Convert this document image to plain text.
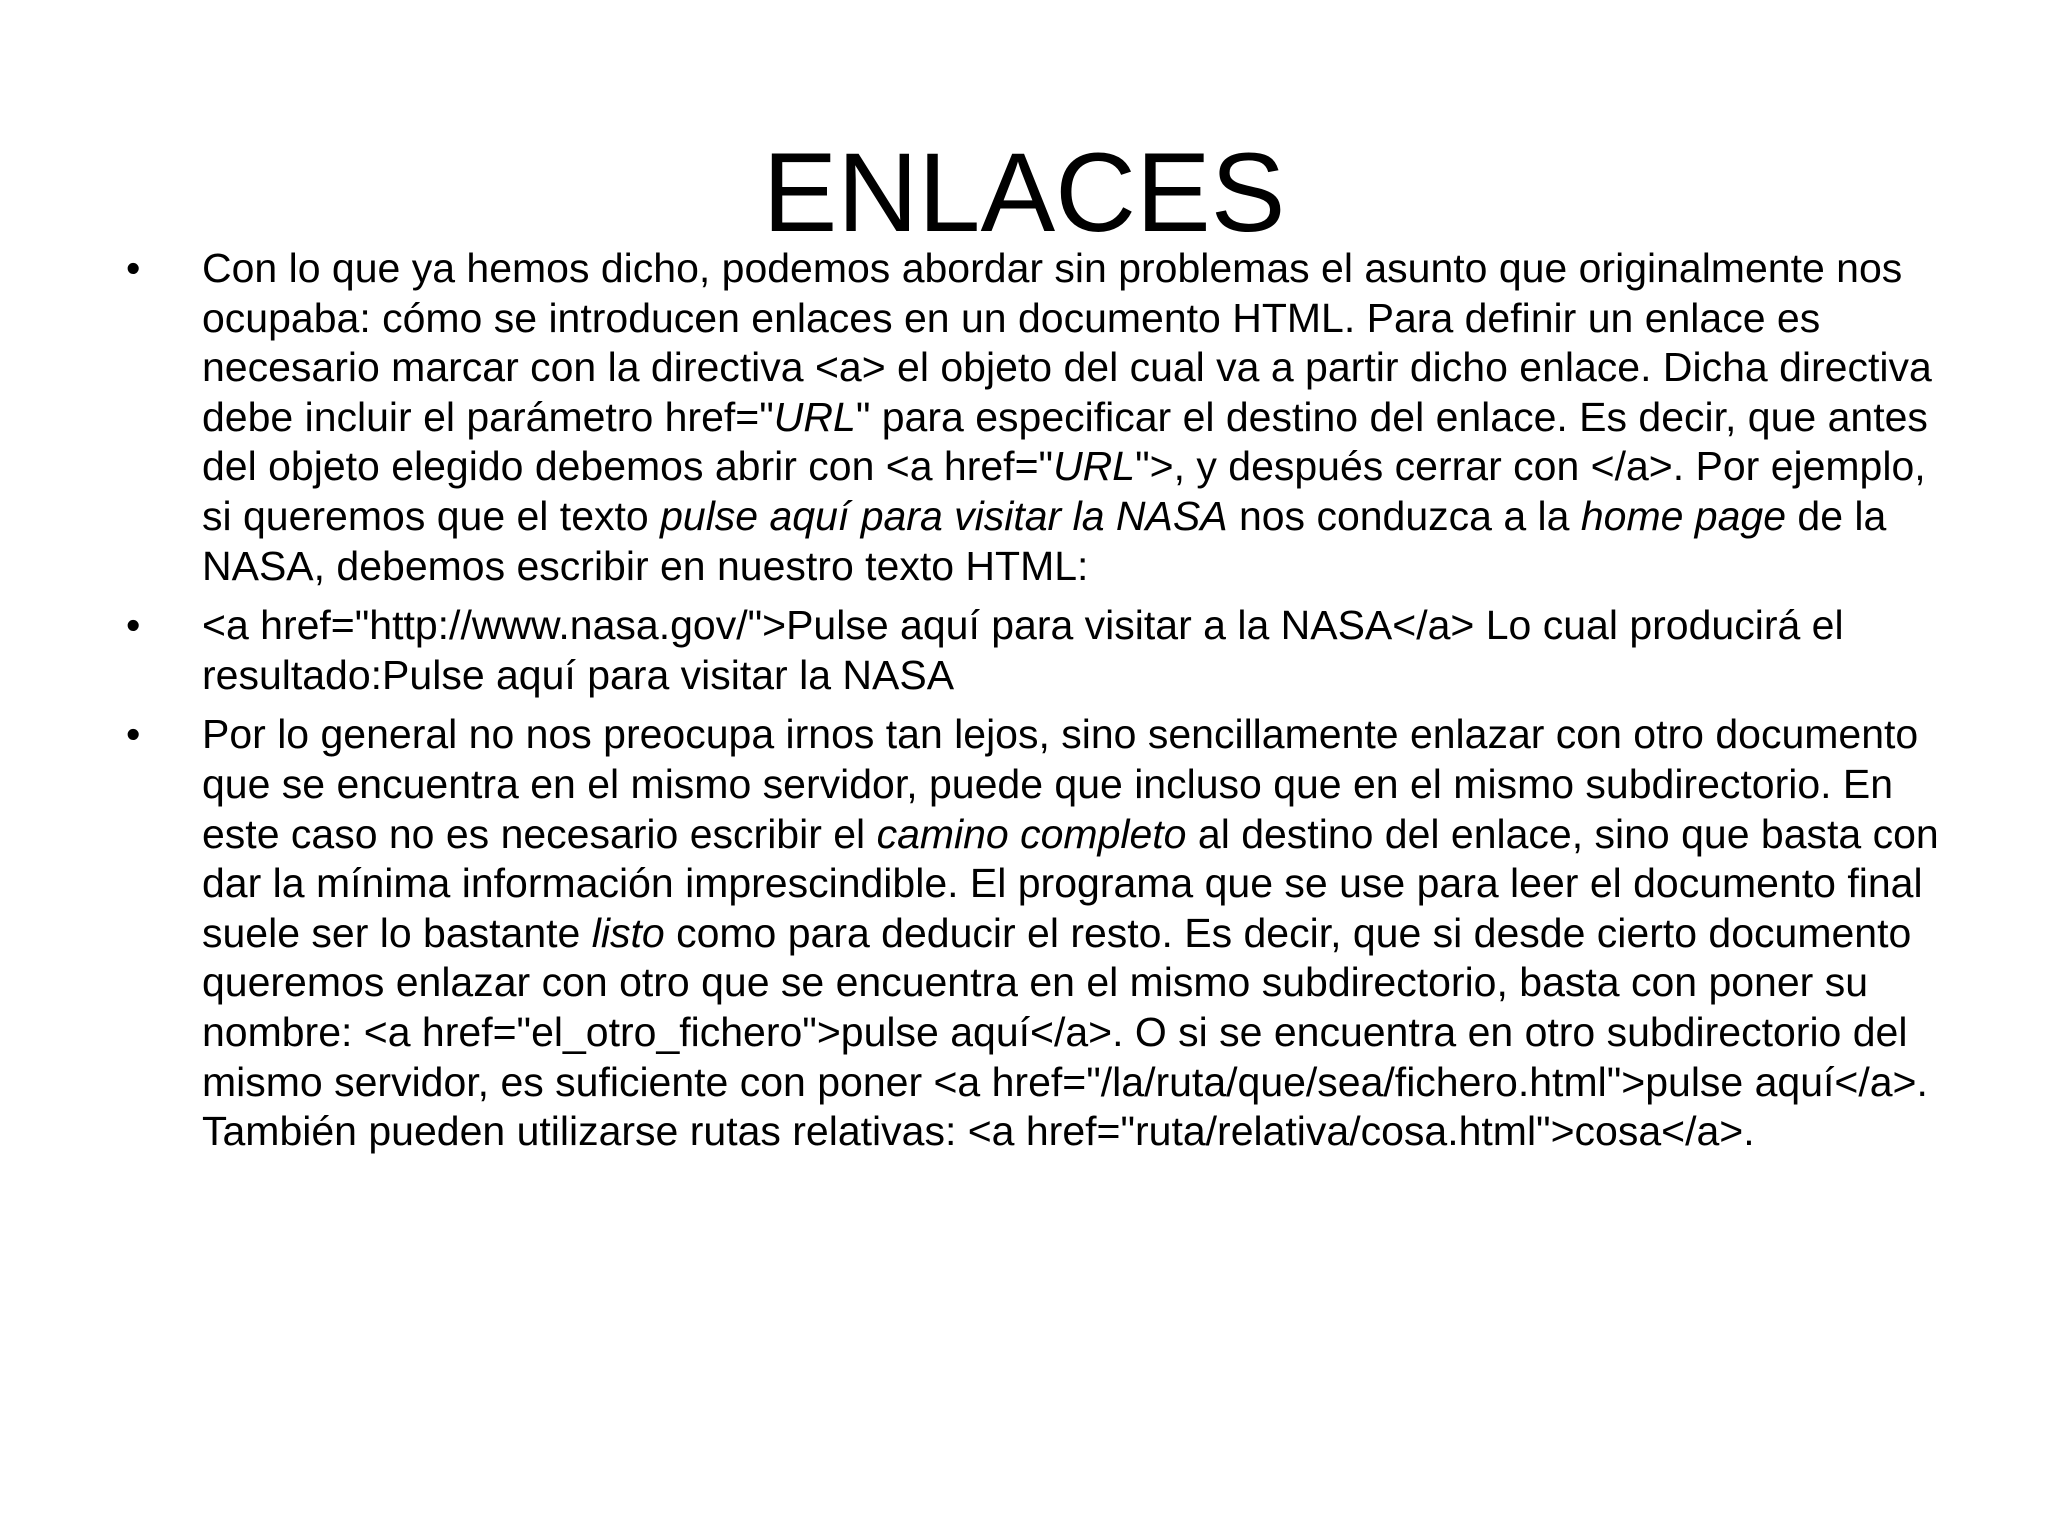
ENLACES
•	Con lo que ya hemos dicho, podemos abordar sin problemas el asunto que originalmente nos ocupaba: cómo se introducen enlaces en un documento HTML. Para definir un enlace es necesario marcar con la directiva <a> el objeto del cual va a partir dicho enlace. Dicha directiva debe incluir el parámetro href="URL" para especificar el destino del enlace. Es decir, que antes del objeto elegido debemos abrir con <a href="URL">, y después cerrar con </a>. Por ejemplo, si queremos que el texto pulse aquí para visitar la NASA nos conduzca a la home page de la NASA, debemos escribir en nuestro texto HTML:
•	<a href="http://www.nasa.gov/">Pulse aquí para visitar a la NASA</a> Lo cual producirá el resultado:Pulse aquí para visitar la NASA
•	Por lo general no nos preocupa irnos tan lejos, sino sencillamente enlazar con otro documento que se encuentra en el mismo servidor, puede que incluso que en el mismo subdirectorio. En este caso no es necesario escribir el camino completo al destino del enlace, sino que basta con dar la mínima información imprescindible. El programa que se use para leer el documento final suele ser lo bastante listo como para deducir el resto. Es decir, que si desde cierto documento queremos enlazar con otro que se encuentra en el mismo subdirectorio, basta con poner su nombre: <a href="el_otro_fichero">pulse aquí</a>. O si se encuentra en otro subdirectorio del mismo servidor, es suficiente con poner <a href="/la/ruta/que/sea/fichero.html">pulse aquí</a>. También pueden utilizarse rutas relativas: <a href="ruta/relativa/cosa.html">cosa</a>.
